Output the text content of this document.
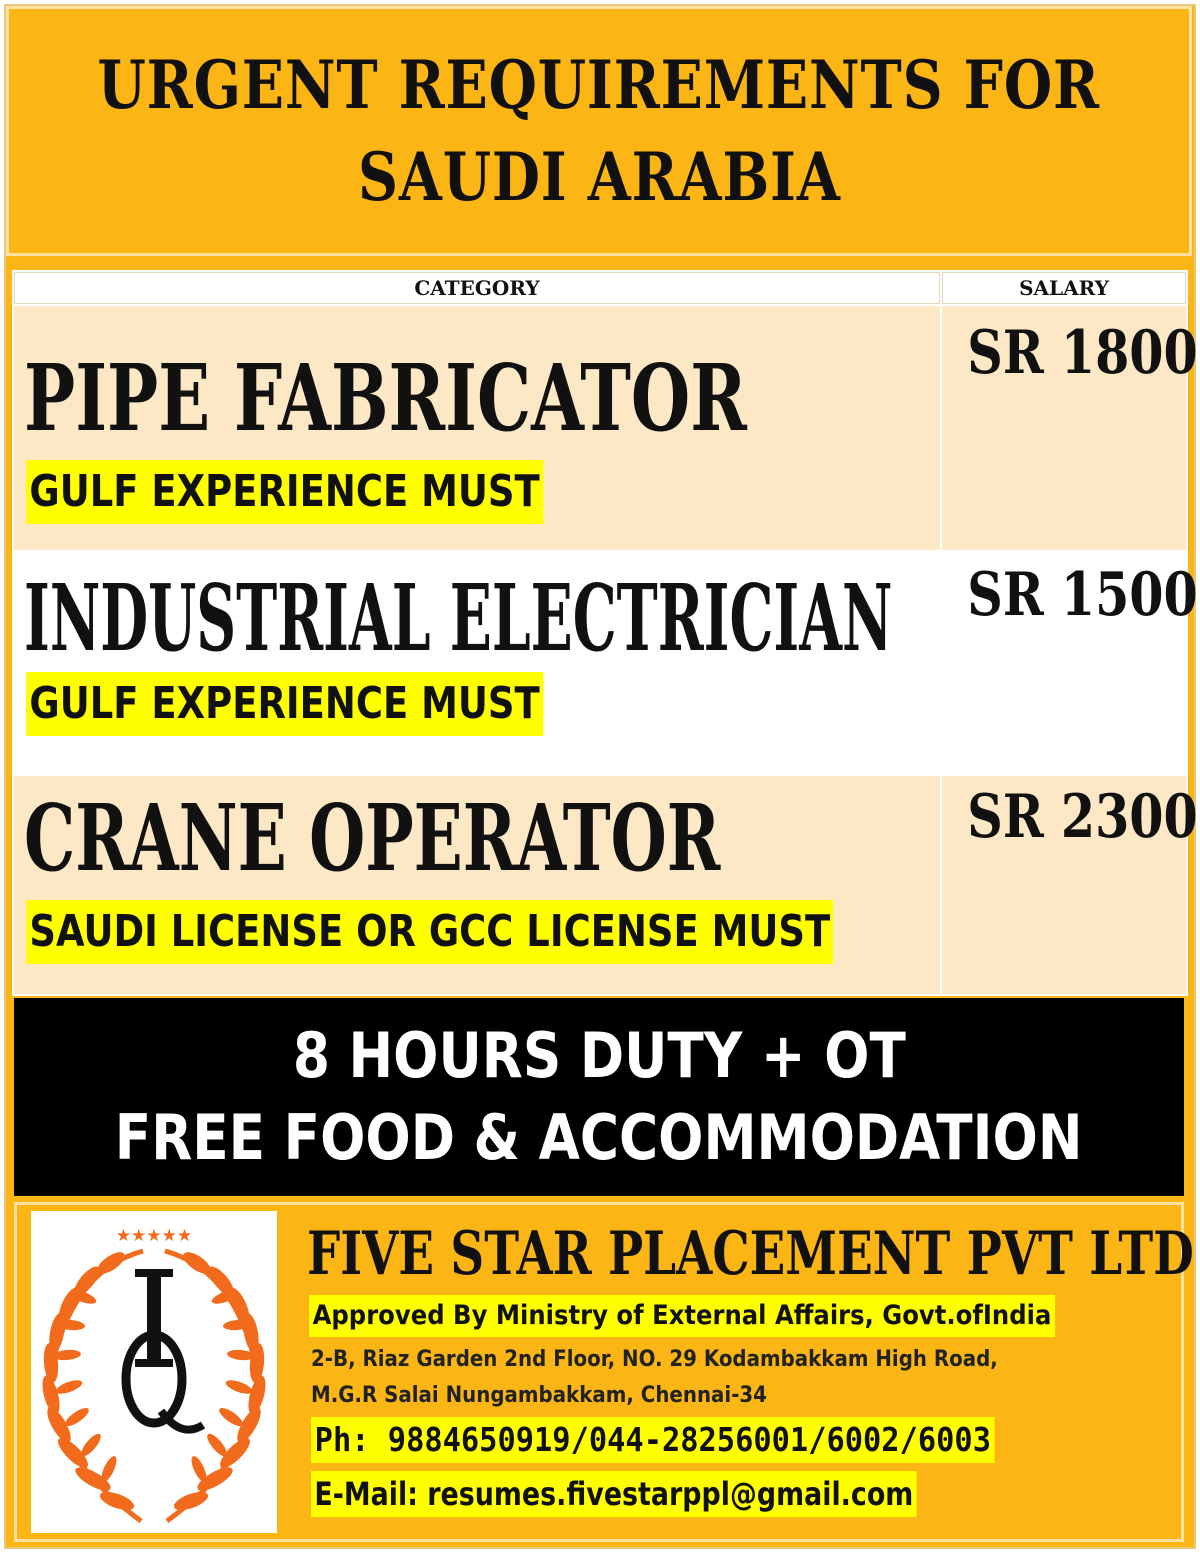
URGENT REQUIREMENTS FOR
SAUDI ARABIA
CATEGORY	SALARY
PIPE FABRICATOR
GULF EXPERIENCE MUST
SR 1800
INDUSTRIAL ELECTRICIAN
GULF EXPERIENCE MUST
SR 1500
CRANE OPERATOR
SAUDI LICENSE OR GCC LICENSE MUST
SR 2300
8 HOURS DUTY + OT
FREE FOOD & ACCOMMODATION
★★★★★ FIVE STAR PLACEMENT PVT LTD
Approved By Ministry of External Affairs, Govt.ofIndia
2-B, Riaz Garden 2nd Floor, NO. 29 Kodambakkam High Road,
M.G.R Salai Nungambakkam, Chennai-34
Ph: 9884650919/044-28256001/6002/6003
E-Mail: resumes.fivestarppl@gmail.com
